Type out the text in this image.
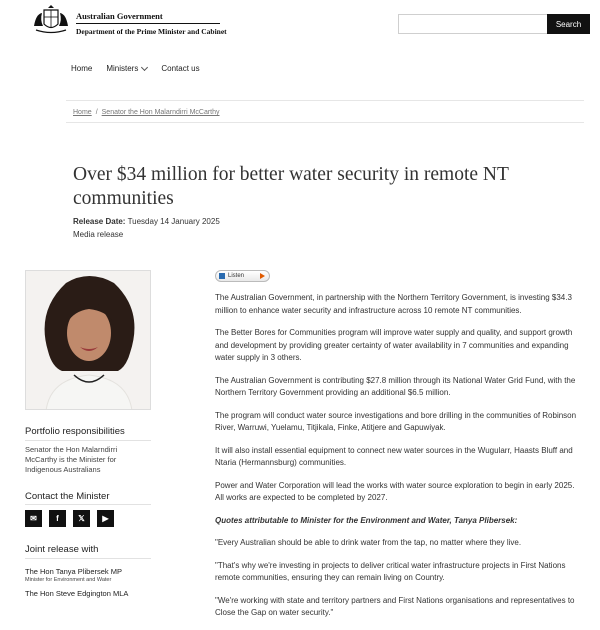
Australian Government
Department of the Prime Minister and Cabinet
Search
Home Ministers	Contact us
Home / Senator the Hon Malarndirri McCarthy
Over $34 million for better water security in remote NT communities
Release Date: Tuesday 14 January 2025
Media release
Portfolio responsibilities
Senator the Hon Malarndirri McCarthy is the Minister for Indigenous Australians
Contact the Minister
✉	f	𝕏	▶
Joint release with
The Hon Tanya Plibersek MP
Minister for Environment and Water
The Hon Steve Edgington MLA
Listen

The Australian Government, in partnership with the Northern Territory Government, is investing $34.3 million to enhance water security and infrastructure across 10 remote NT communities.

The Better Bores for Communities program will improve water supply and quality, and support growth and development by providing greater certainty of water availability in 7 communities and expanding water supply in 3 others.

The Australian Government is contributing $27.8 million through its National Water Grid Fund, with the Northern Territory Government providing an additional $6.5 million.

The program will conduct water source investigations and bore drilling in the communities of Robinson River, Warruwi, Yuelamu, Titjikala, Finke, Atitjere and Gapuwiyak.

It will also install essential equipment to connect new water sources in the Wugularr, Haasts Bluff and Ntaria (Hermannsburg) communities.

Power and Water Corporation will lead the works with water source exploration to begin in early 2025. All works are expected to be completed by 2027.

Quotes attributable to Minister for the Environment and Water, Tanya Plibersek:

"Every Australian should be able to drink water from the tap, no matter where they live.

"That's why we're investing in projects to deliver critical water infrastructure projects in First Nations remote communities, ensuring they can remain living on Country.

"We're working with state and territory partners and First Nations organisations and representatives to Close the Gap on water security."
